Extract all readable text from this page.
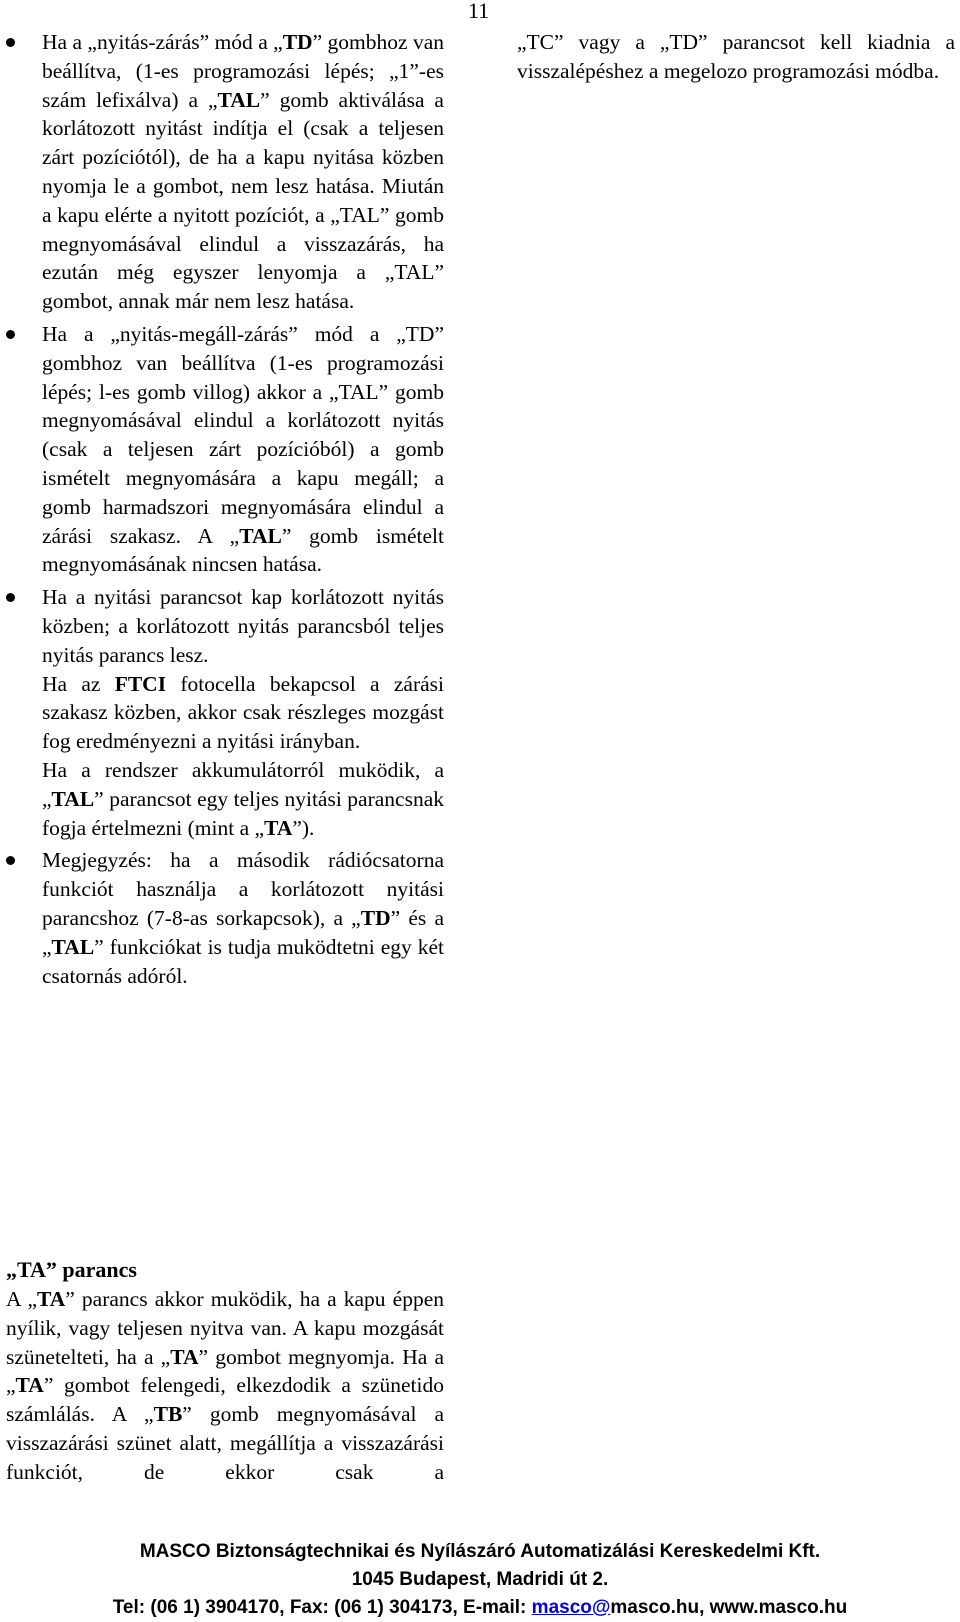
11

Ha a „nyitás-zárás” mód a „TD” gombhoz van beállítva, (1-es programozási lépés; „1”-es szám lefixálva) a „TAL” gomb aktiválása a korlátozott nyitást indítja el (csak a teljesen zárt pozíciótól), de ha a kapu nyitása közben nyomja le a gombot, nem lesz hatása. Miután a kapu elérte a nyitott pozíciót, a „TAL” gomb megnyomásával elindul a visszazárás, ha ezután még egyszer lenyomja a „TAL” gombot, annak már nem lesz hatása.

Ha a „nyitás-megáll-zárás” mód a „TD” gombhoz van beállítva (1-es programozási lépés; l-es gomb villog) akkor a „TAL” gomb megnyomásával elindul a korlátozott nyitás (csak a teljesen zárt pozícióból) a gomb ismételt megnyomására a kapu megáll; a gomb harmadszori megnyomására elindul a zárási szakasz. A „TAL” gomb ismételt megnyomásának nincsen hatása.

Ha a nyitási parancsot kap korlátozott nyitás közben; a korlátozott nyitás parancsból teljes nyitás parancs lesz.

Ha az FTCI fotocella bekapcsol a zárási szakasz közben, akkor csak részleges mozgást fog eredményezni a nyitási irányban.

Ha a rendszer akkumulátorról muködik, a „TAL” parancsot egy teljes nyitási parancsnak fogja értelmezni (mint a „TA”).

Megjegyzés: ha a második rádiócsatorna funkciót használja a korlátozott nyitási parancshoz (7-8-as sorkapcsok), a „TD” és a „TAL” funkciókat is tudja muködtetni egy két csatornás adóról.

„TA” parancs

A „TA” parancs akkor muködik, ha a kapu éppen nyílik, vagy teljesen nyitva van. A kapu mozgását szünetelteti, ha a „TA” gombot megnyomja. Ha a „TA” gombot felengedi, elkezdodik a szünetido számlálás. A „TB” gomb megnyomásával a visszazárási szünet alatt, megállítja a visszazárási funkciót, de ekkor csak a

„TC” vagy a „TD” parancsot kell kiadnia a visszalépéshez a megelozo programozási módba.

MASCO Biztonságtechnikai és Nyílászáró Automatizálási Kereskedelmi Kft.
1045 Budapest, Madridi út 2.
Tel: (06 1) 3904170, Fax: (06 1) 304173, E-mail: masco@masco.hu, www.masco.hu
